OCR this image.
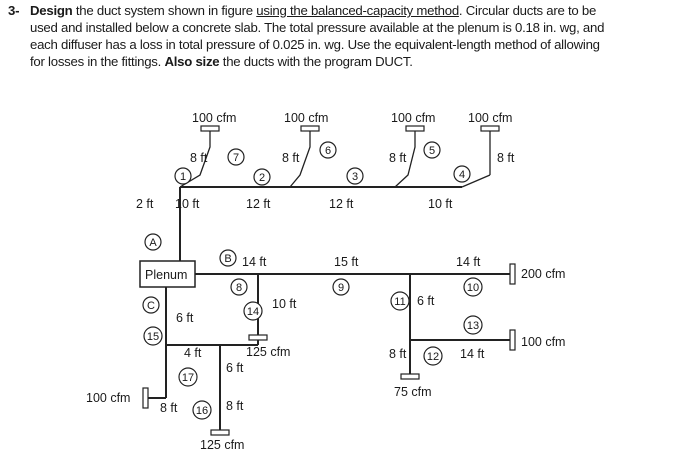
3- Design the duct system shown in figure using the balanced-capacity method. Circular ducts are to be
used and installed below a concrete slab. The total pressure available at the plenum is 0.18 in. wg, and
each diffuser has a loss in total pressure of 0.025 in. wg. Use the equivalent-length method of allowing
for losses in the fittings. Also size the ducts with the program DUCT.
100 cfm	100 cfm	100 cfm	100 cfm
200 cfm
100 cfm
75 cfm
125 cfm
125 cfm
100 cfm
2 ft 10 ft	12 ft	12 ft	10 ft
8 ft	8 ft	8 ft	8 ft
14 ft
10 ft
15 ft	14 ft
6 ft
14 ft
8 ft
6 ft
4 ft
6 ft
8 ft	8 ft
Plenum
A
B
C
1	2	3	4
5
6
7
8	9	10
11
12
13
14
15
16
17
